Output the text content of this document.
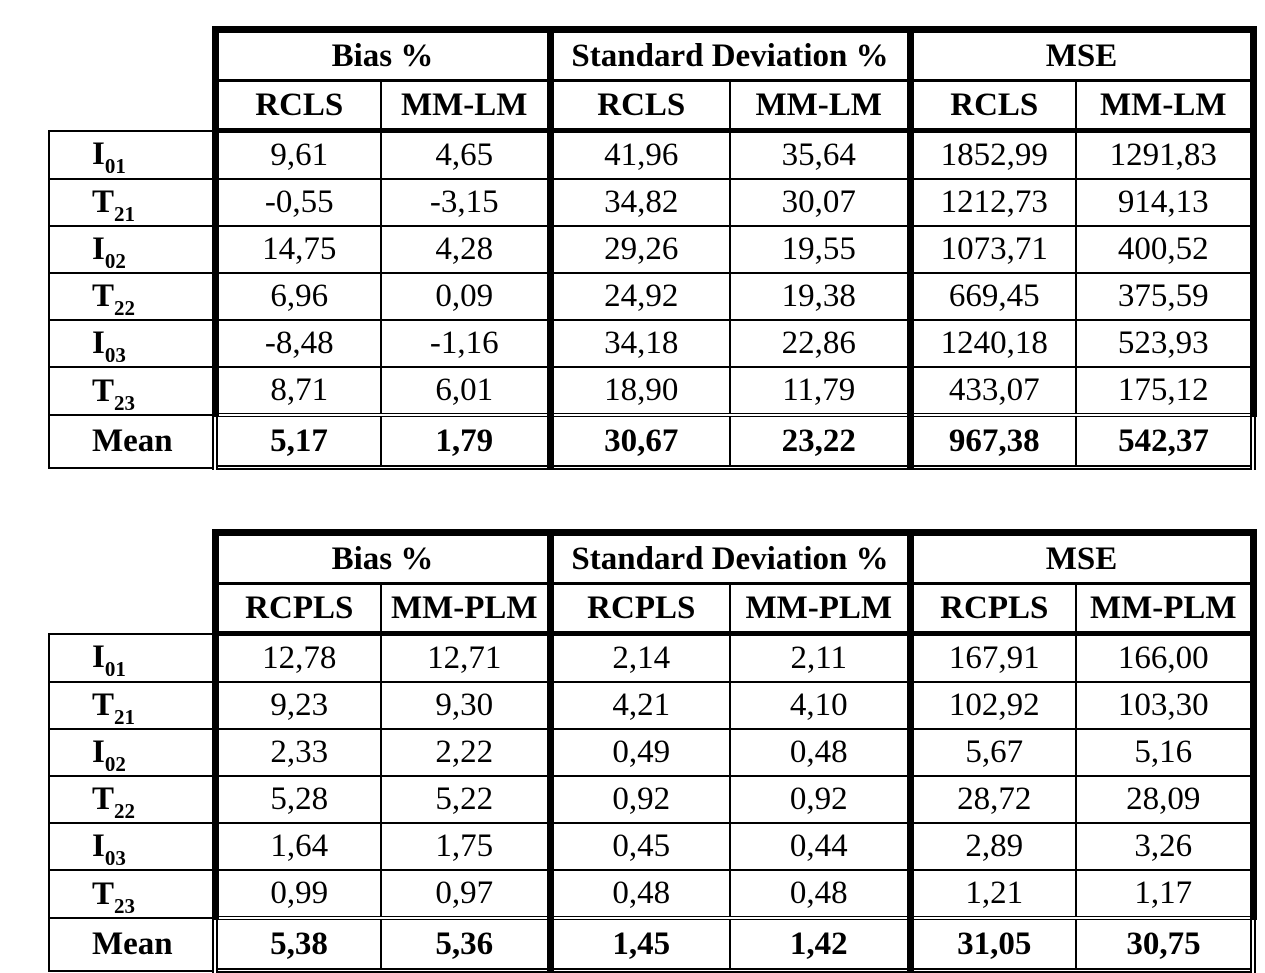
	Bias %		Standard Deviation %		MSE	
	RCLS	MM-LM	RCLS	MM-LM	RCLS	MM-LM
$I_{01}$	9,61	4,65	41,96	35,64	1852,99	1291,83
$T_{21}$	-0,55	-3,15	34,82	30,07	1212,73	914,13
$I_{02}$	14,75	4,28	29,26	19,55	1073,71	400,52
$T_{22}$	6,96	0,09	24,92	19,38	669,45	375,59
$I_{03}$	-8,48	-1,16	34,18	22,86	1240,18	523,93
$T_{23}$	8,71	6,01	18,90	11,79	433,07	175,12
Mean	5,17	1,79	30,67	23,22	967,38	542,37
	Bias %		Standard Deviation %		MSE	
	RCPLS	MM-PLM	RCPLS	MM-PLM	RCPLS	MM-PLM
$I_{01}$	12,78	12,71	2,14	2,11	167,91	166,00
$T_{21}$	9,23	9,30	4,21	4,10	102,92	103,30
$I_{02}$	2,33	2,22	0,49	0,48	5,67	5,16
$T_{22}$	5,28	5,22	0,92	0,92	28,72	28,09
$I_{03}$	1,64	1,75	0,45	0,44	2,89	3,26
$T_{23}$	0,99	0,97	0,48	0,48	1,21	1,17
Mean	5,38	5,36	1,45	1,42	31,05	30,75
